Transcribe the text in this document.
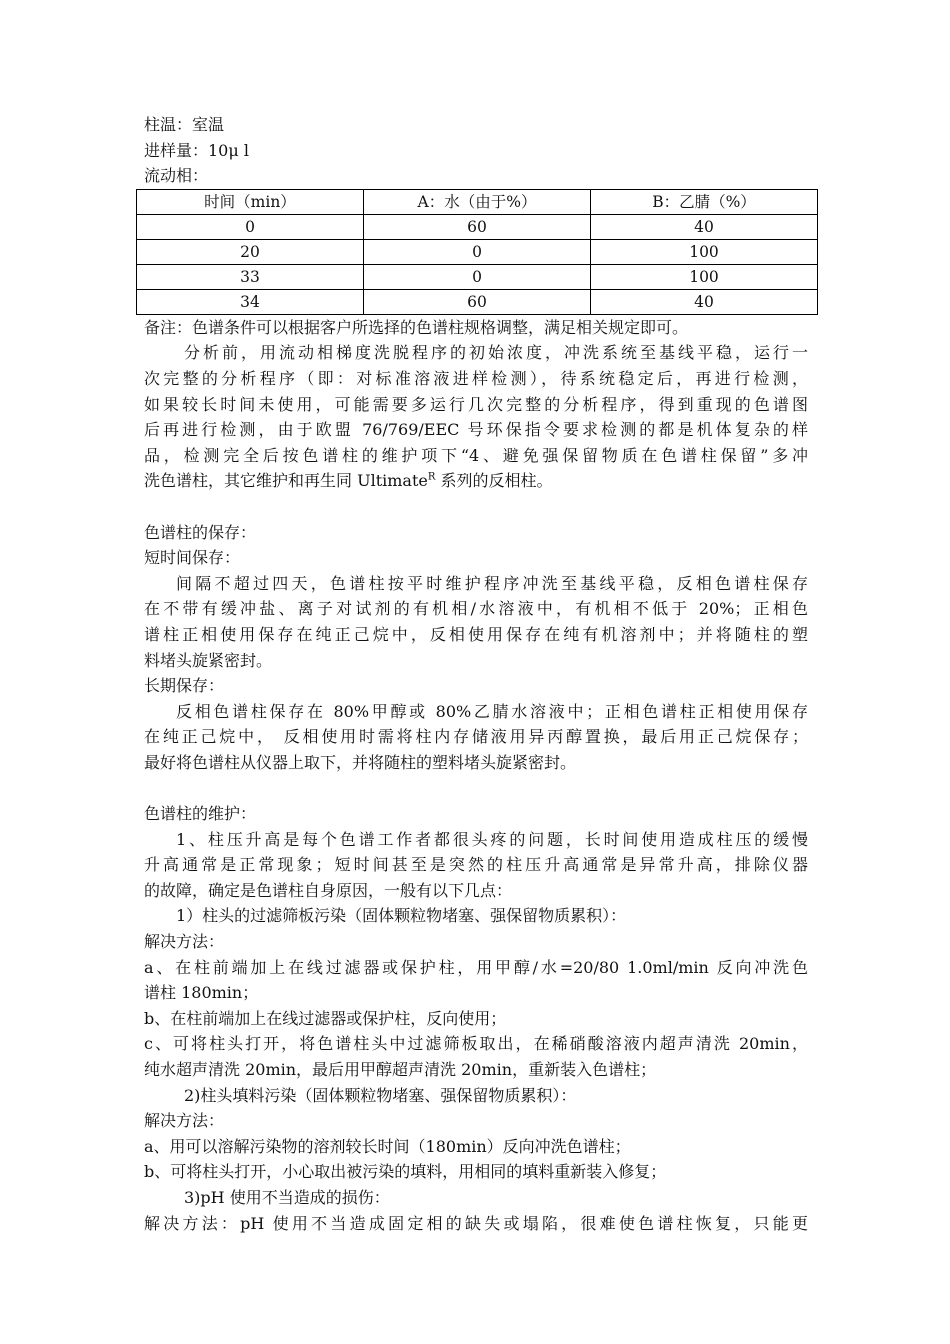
柱温：室温
进样量：10μ l
流动相：
时间（min）	A：水（由于%）	B：乙腈（%）
0	60	40
20	0	100
33	0	100
34	60	40
备注：色谱条件可以根据客户所选择的色谱柱规格调整，满足相关规定即可。
分析前，用流动相梯度洗脱程序的初始浓度，冲洗系统至基线平稳，运行一
次完整的分析程序（即：对标准溶液进样检测），待系统稳定后，再进行检测，
如果较长时间未使用，可能需要多运行几次完整的分析程序，得到重现的色谱图
后再进行检测，由于欧盟 76/769/EEC 号环保指令要求检测的都是机体复杂的样
品，检测完全后按色谱柱的维护项下“4、避免强保留物质在色谱柱保留”多冲
洗色谱柱，其它维护和再生同 Ultimate$^R$ 系列的反相柱。
色谱柱的保存：
短时间保存：
间隔不超过四天，色谱柱按平时维护程序冲洗至基线平稳，反相色谱柱保存
在不带有缓冲盐、离子对试剂的有机相/水溶液中，有机相不低于 20%；正相色
谱柱正相使用保存在纯正己烷中，反相使用保存在纯有机溶剂中；并将随柱的塑
料堵头旋紧密封。
长期保存：
反相色谱柱保存在 80%甲醇或 80%乙腈水溶液中；正相色谱柱正相使用保存
在纯正己烷中， 反相使用时需将柱内存储液用异丙醇置换，最后用正己烷保存；
最好将色谱柱从仪器上取下，并将随柱的塑料堵头旋紧密封。
色谱柱的维护：
1、柱压升高是每个色谱工作者都很头疼的问题，长时间使用造成柱压的缓慢
升高通常是正常现象；短时间甚至是突然的柱压升高通常是异常升高，排除仪器
的故障，确定是色谱柱自身原因，一般有以下几点：
1）柱头的过滤筛板污染（固体颗粒物堵塞、强保留物质累积）：
解决方法：
a、在柱前端加上在线过滤器或保护柱，用甲醇/水=20/80 1.0ml/min 反向冲洗色
谱柱 180min；
b、在柱前端加上在线过滤器或保护柱，反向使用；
c、可将柱头打开，将色谱柱头中过滤筛板取出，在稀硝酸溶液内超声清洗 20min，
纯水超声清洗 20min，最后用甲醇超声清洗 20min，重新装入色谱柱；
2)柱头填料污染（固体颗粒物堵塞、强保留物质累积）：
解决方法：
a、用可以溶解污染物的溶剂较长时间（180min）反向冲洗色谱柱；
b、可将柱头打开，小心取出被污染的填料，用相同的填料重新装入修复；
3)pH 使用不当造成的损伤：
解决方法：pH 使用不当造成固定相的缺失或塌陷，很难使色谱柱恢复，只能更
